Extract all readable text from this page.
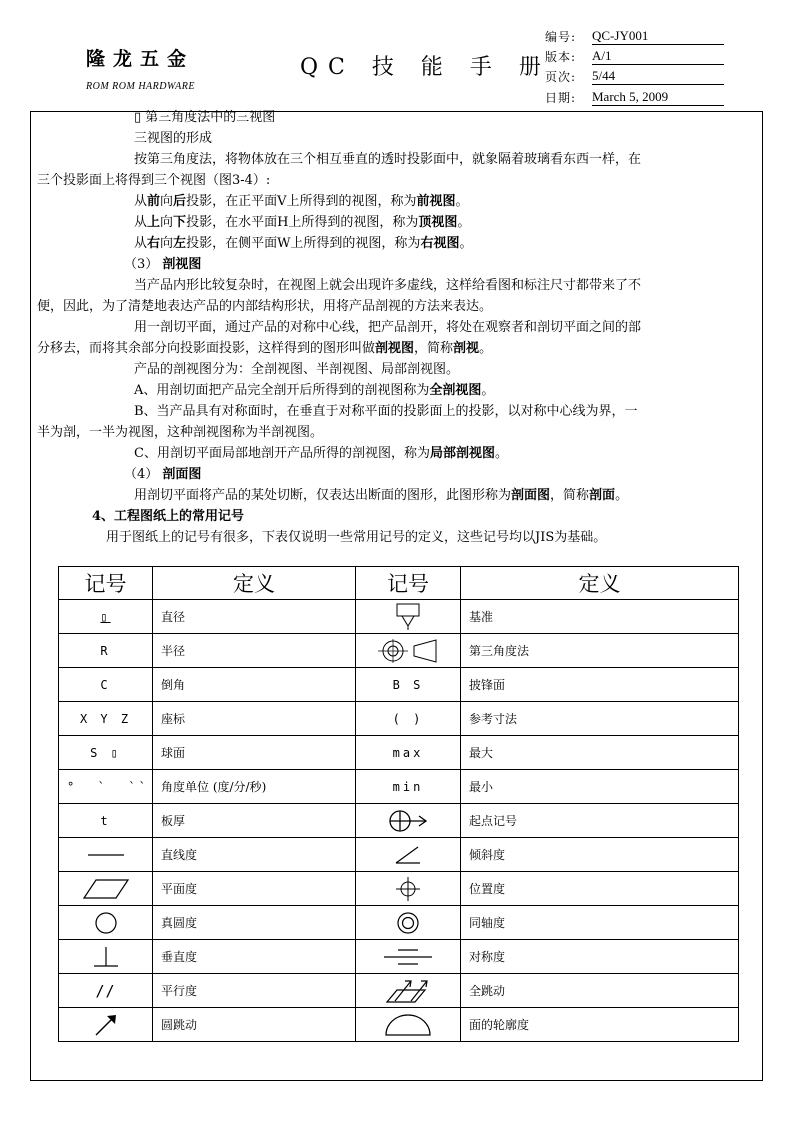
隆龙五金
ROM ROM HARDWARE
QC 技 能 手 册
编号: QC-JY001
版本: A/1
页次: 5/44
日期: March 5, 2009
▯ 第三角度法中的三视图
三视图的形成
按第三角度法，将物体放在三个相互垂直的透时投影面中，就象隔着玻璃看东西一样，在
三个投影面上将得到三个视图（图3-4）:
从前向后投影，在正平面V上所得到的视图，称为前视图。
从上向下投影，在水平面H上所得到的视图，称为顶视图。
从右向左投影，在侧平面W上所得到的视图，称为右视图。
（3） 剖视图
当产品内形比较复杂时，在视图上就会出现许多虚线，这样给看图和标注尺寸都带来了不
便，因此，为了清楚地表达产品的内部结构形状，用将产品剖视的方法来表达。
用一剖切平面，通过产品的对称中心线，把产品剖开，将处在观察者和剖切平面之间的部
分移去，而将其余部分向投影面投影，这样得到的图形叫做剖视图，简称剖视。
产品的剖视图分为：全剖视图、半剖视图、局部剖视图。
A、用剖切面把产品完全剖开后所得到的剖视图称为全剖视图。
B、当产品具有对称面时，在垂直于对称平面的投影面上的投影，以对称中心线为界，一
半为剖，一半为视图，这种剖视图称为半剖视图。
C、用剖切平面局部地剖开产品所得的剖视图，称为局部剖视图。
（4） 剖面图
用剖切平面将产品的某处切断，仅表达出断面的图形，此图形称为剖面图，简称剖面。
4、工程图纸上的常用记号
用于图纸上的记号有很多，下表仅说明一些常用记号的定义，这些记号均以JIS为基础。
记号	定义	记号	定义
▯	直径		基准
R	半径		第三角度法
C	倒角	B S	披锋面
X Y Z	座标	( )	参考寸法
S ▯	球面	max	最大
°  `  ``	角度单位 (度/分/秒)	min	最小
t	板厚		起点记号

	直线度		倾斜度

	平面度		位置度

	真圆度		同轴度

	垂直度		对称度
//	平行度		全跳动

	圆跳动		面的轮廓度
